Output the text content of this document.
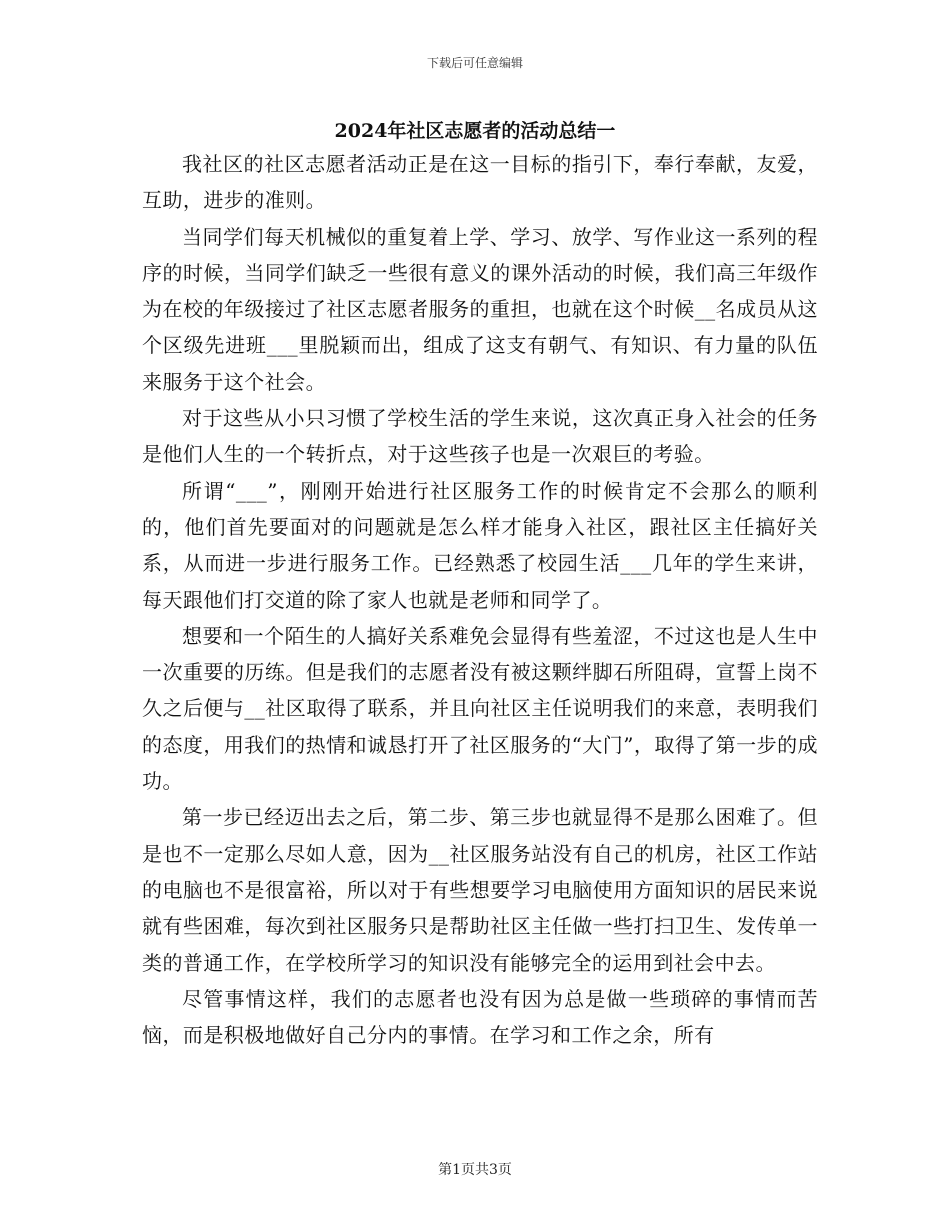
下载后可任意编辑
2024年社区志愿者的活动总结一

我社区的社区志愿者活动正是在这一目标的指引下，奉行奉献，友爱，互助，进步的准则。

当同学们每天机械似的重复着上学、学习、放学、写作业这一系列的程序的时候，当同学们缺乏一些很有意义的课外活动的时候，我们高三年级作为在校的年级接过了社区志愿者服务的重担，也就在这个时候__名成员从这个区级先进班___里脱颖而出，组成了这支有朝气、有知识、有力量的队伍来服务于这个社会。

对于这些从小只习惯了学校生活的学生来说，这次真正身入社会的任务是他们人生的一个转折点，对于这些孩子也是一次艰巨的考验。

所谓“___”，刚刚开始进行社区服务工作的时候肯定不会那么的顺利的，他们首先要面对的问题就是怎么样才能身入社区，跟社区主任搞好关系，从而进一步进行服务工作。已经熟悉了校园生活___几年的学生来讲，每天跟他们打交道的除了家人也就是老师和同学了。

想要和一个陌生的人搞好关系难免会显得有些羞涩，不过这也是人生中一次重要的历练。但是我们的志愿者没有被这颗绊脚石所阻碍，宣誓上岗不久之后便与__社区取得了联系，并且向社区主任说明我们的来意，表明我们的态度，用我们的热情和诚恳打开了社区服务的“大门”，取得了第一步的成功。

第一步已经迈出去之后，第二步、第三步也就显得不是那么困难了。但是也不一定那么尽如人意，因为__社区服务站没有自己的机房，社区工作站的电脑也不是很富裕，所以对于有些想要学习电脑使用方面知识的居民来说就有些困难，每次到社区服务只是帮助社区主任做一些打扫卫生、发传单一类的普通工作，在学校所学习的知识没有能够完全的运用到社会中去。

尽管事情这样，我们的志愿者也没有因为总是做一些琐碎的事情而苦恼，而是积极地做好自己分内的事情。在学习和工作之余，所有

第1页共3页
